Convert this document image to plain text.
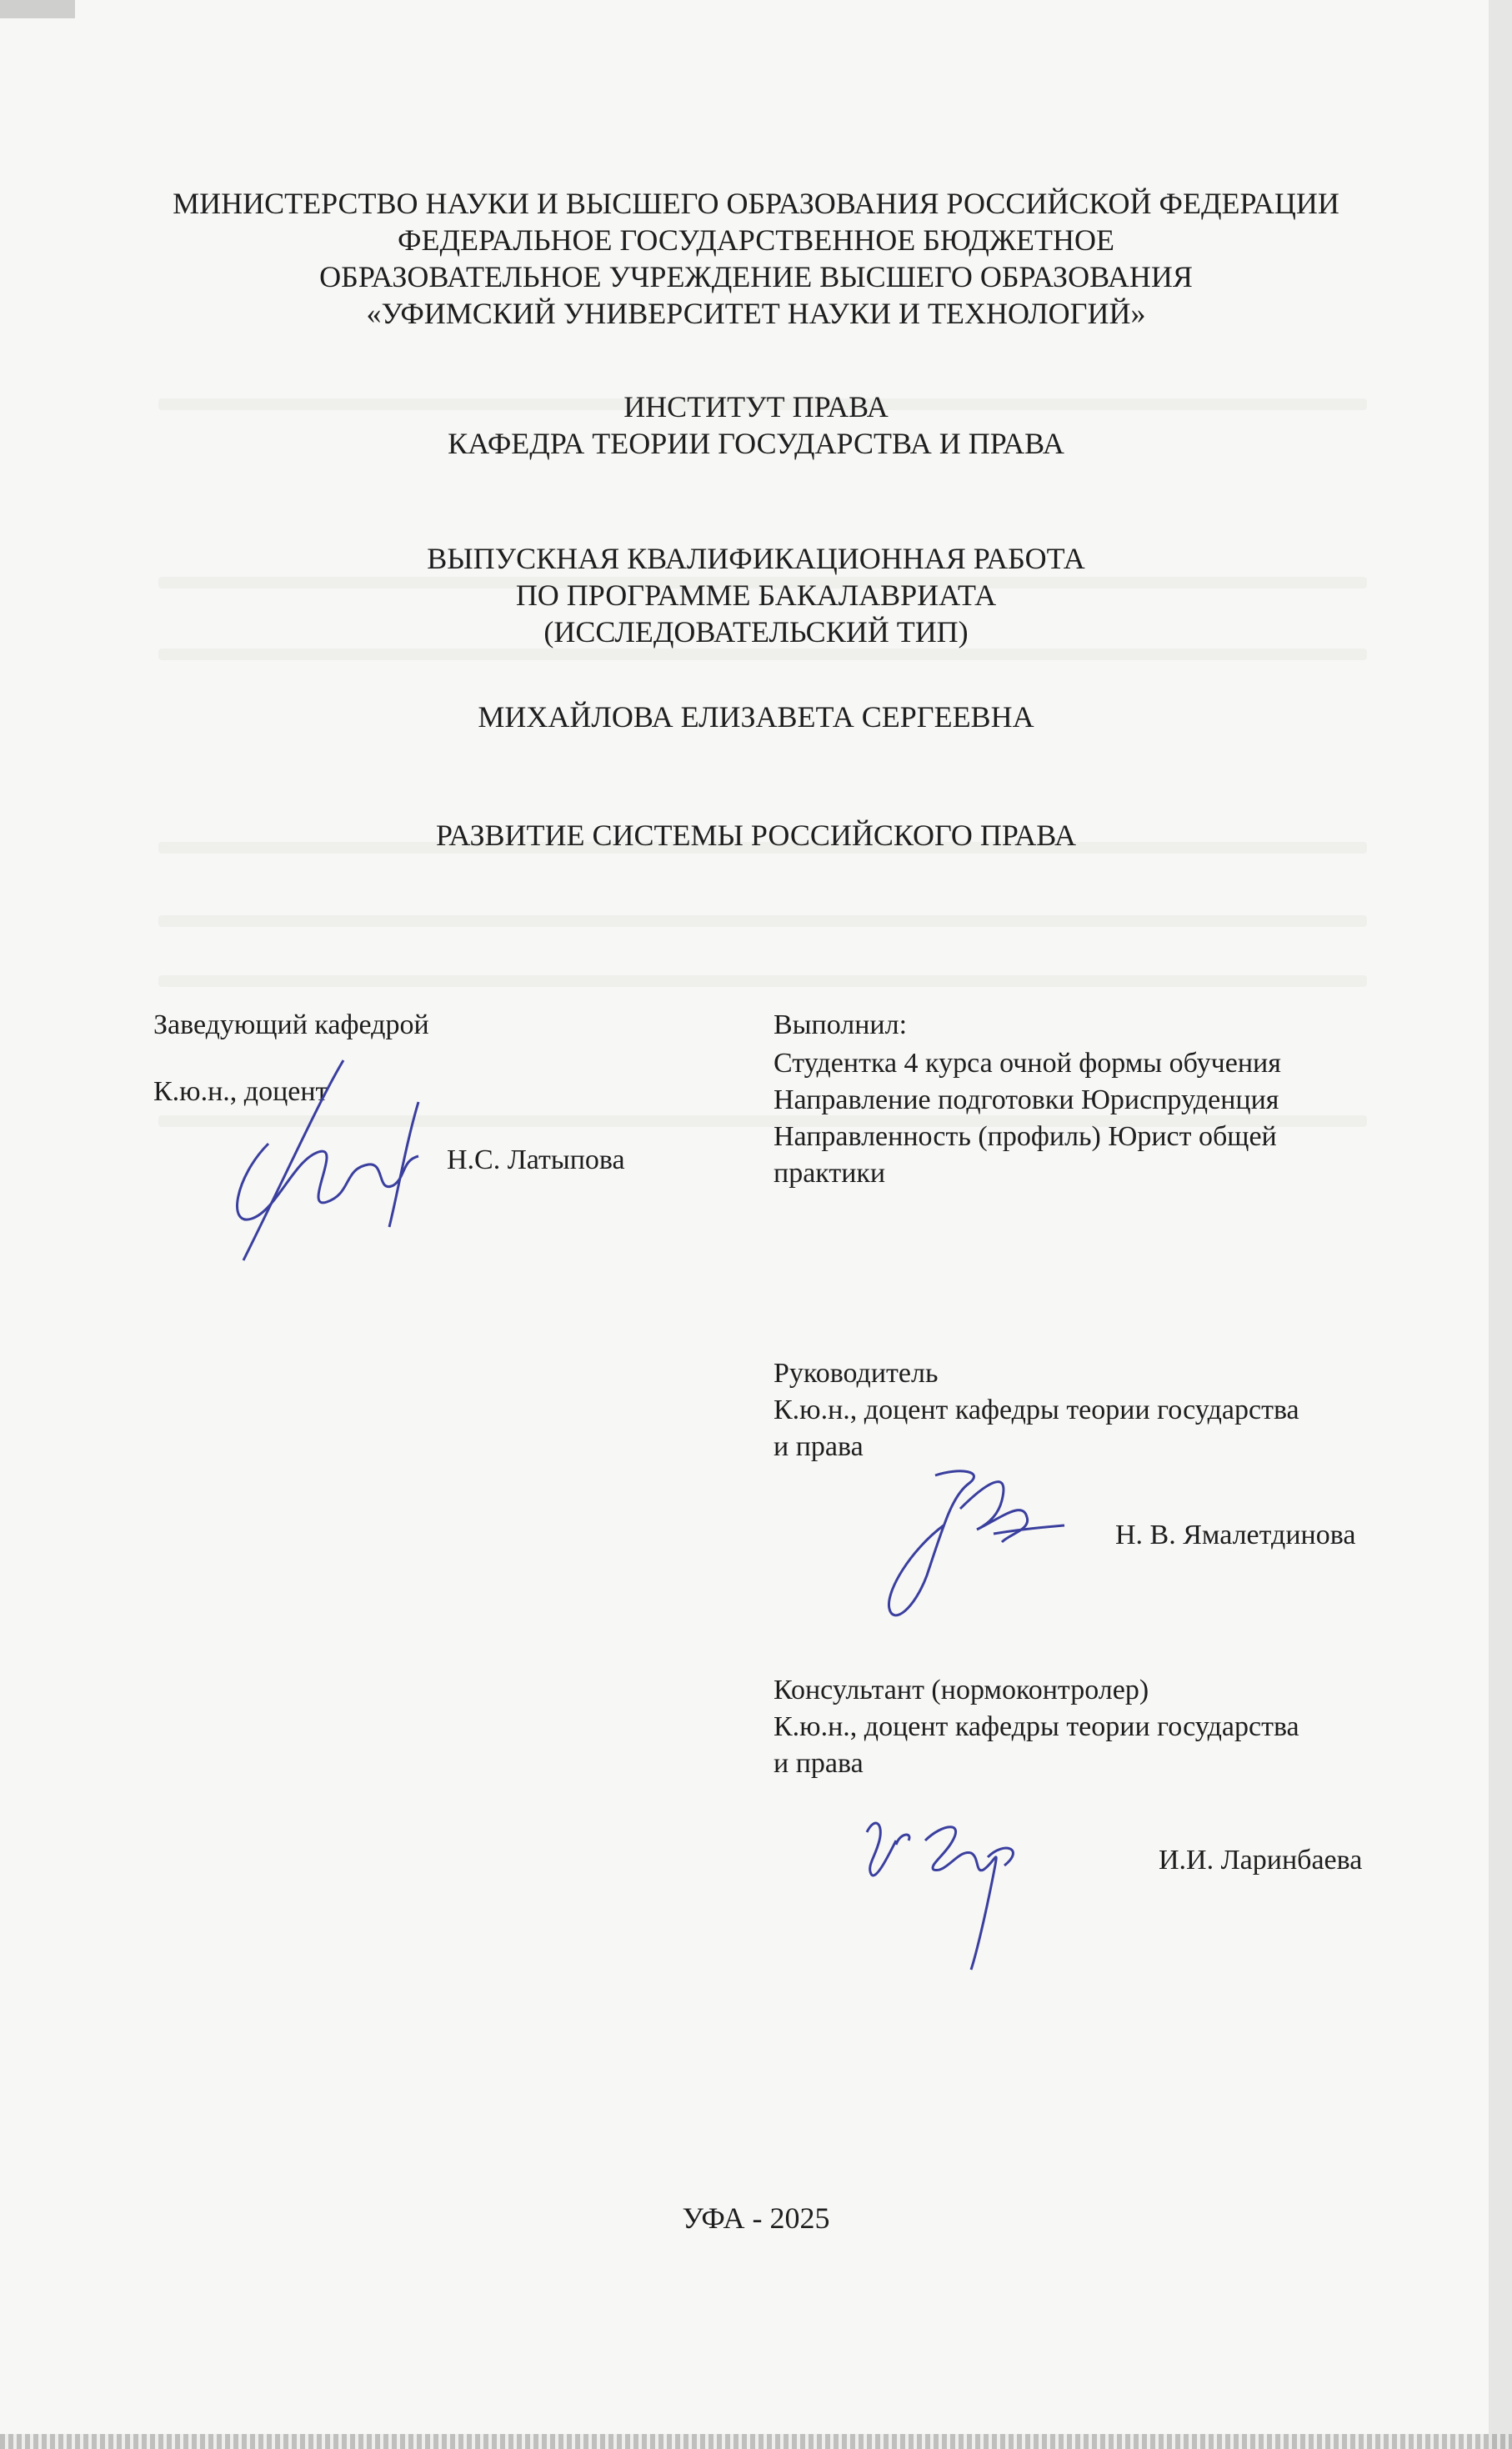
МИНИСТЕРСТВО НАУКИ И ВЫСШЕГО ОБРАЗОВАНИЯ РОССИЙСКОЙ ФЕДЕРАЦИИ
ФЕДЕРАЛЬНОЕ ГОСУДАРСТВЕННОЕ БЮДЖЕТНОЕ
ОБРАЗОВАТЕЛЬНОЕ УЧРЕЖДЕНИЕ ВЫСШЕГО ОБРАЗОВАНИЯ
«УФИМСКИЙ УНИВЕРСИТЕТ НАУКИ И ТЕХНОЛОГИЙ»
ИНСТИТУТ ПРАВА
КАФЕДРА ТЕОРИИ ГОСУДАРСТВА И ПРАВА
ВЫПУСКНАЯ КВАЛИФИКАЦИОННАЯ РАБОТА
ПО ПРОГРАММЕ БАКАЛАВРИАТА
(ИССЛЕДОВАТЕЛЬСКИЙ ТИП)
МИХАЙЛОВА ЕЛИЗАВЕТА СЕРГЕЕВНА
РАЗВИТИЕ СИСТЕМЫ РОССИЙСКОГО ПРАВА
Заведующий кафедрой
К.ю.н., доцент
Н.С. Латыпова
Выполнил:
Студентка 4 курса очной формы обучения
Направление подготовки Юриспруденция
Направленность (профиль) Юрист общей
практики
Руководитель
К.ю.н., доцент кафедры теории государства
и права
Н. В. Ямалетдинова
Консультант (нормоконтролер)
К.ю.н., доцент кафедры теории государства
и права
И.И. Ларинбаева
УФА - 2025
